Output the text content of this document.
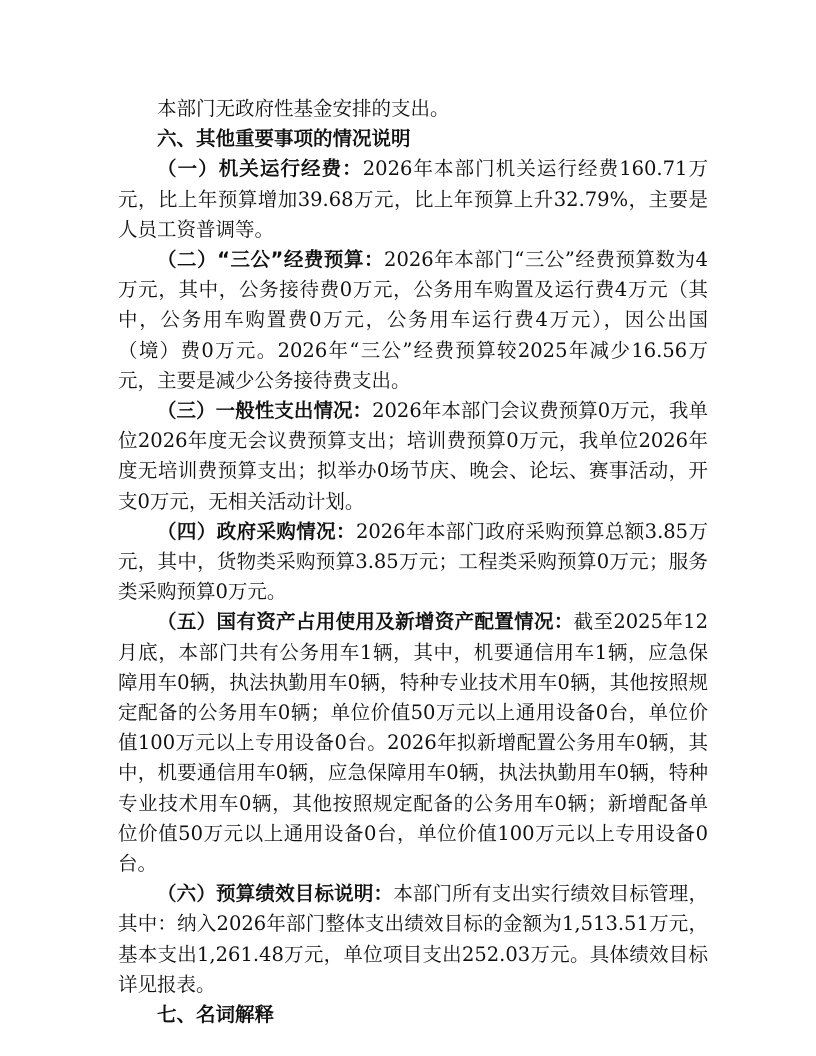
本部门无政府性基金安排的支出。

六、其他重要事项的情况说明

（一）机关运行经费：2026年本部门机关运行经费160.71万元，比上年预算增加39.68万元，比上年预算上升32.79%，主要是人员工资普调等。

（二）“三公”经费预算：2026年本部门“三公”经费预算数为4万元，其中，公务接待费0万元，公务用车购置及运行费4万元（其中，公务用车购置费0万元，公务用车运行费4万元），因公出国（境）费0万元。2026年“三公”经费预算较2025年减少16.56万元，主要是减少公务接待费支出。

（三）一般性支出情况：2026年本部门会议费预算0万元，我单位2026年度无会议费预算支出；培训费预算0万元，我单位2026年度无培训费预算支出；拟举办0场节庆、晚会、论坛、赛事活动，开支0万元，无相关活动计划。

（四）政府采购情况：2026年本部门政府采购预算总额3.85万元，其中，货物类采购预算3.85万元；工程类采购预算0万元；服务类采购预算0万元。

（五）国有资产占用使用及新增资产配置情况：截至2025年12月底，本部门共有公务用车1辆，其中，机要通信用车1辆，应急保障用车0辆，执法执勤用车0辆，特种专业技术用车0辆，其他按照规定配备的公务用车0辆；单位价值50万元以上通用设备0台，单位价值100万元以上专用设备0台。2026年拟新增配置公务用车0辆，其中，机要通信用车0辆，应急保障用车0辆，执法执勤用车0辆，特种专业技术用车0辆，其他按照规定配备的公务用车0辆；新增配备单位价值50万元以上通用设备0台，单位价值100万元以上专用设备0台。

（六）预算绩效目标说明：本部门所有支出实行绩效目标管理，其中：纳入2026年部门整体支出绩效目标的金额为1,513.51万元，基本支出1,261.48万元，单位项目支出252.03万元。具体绩效目标详见报表。

七、名词解释
